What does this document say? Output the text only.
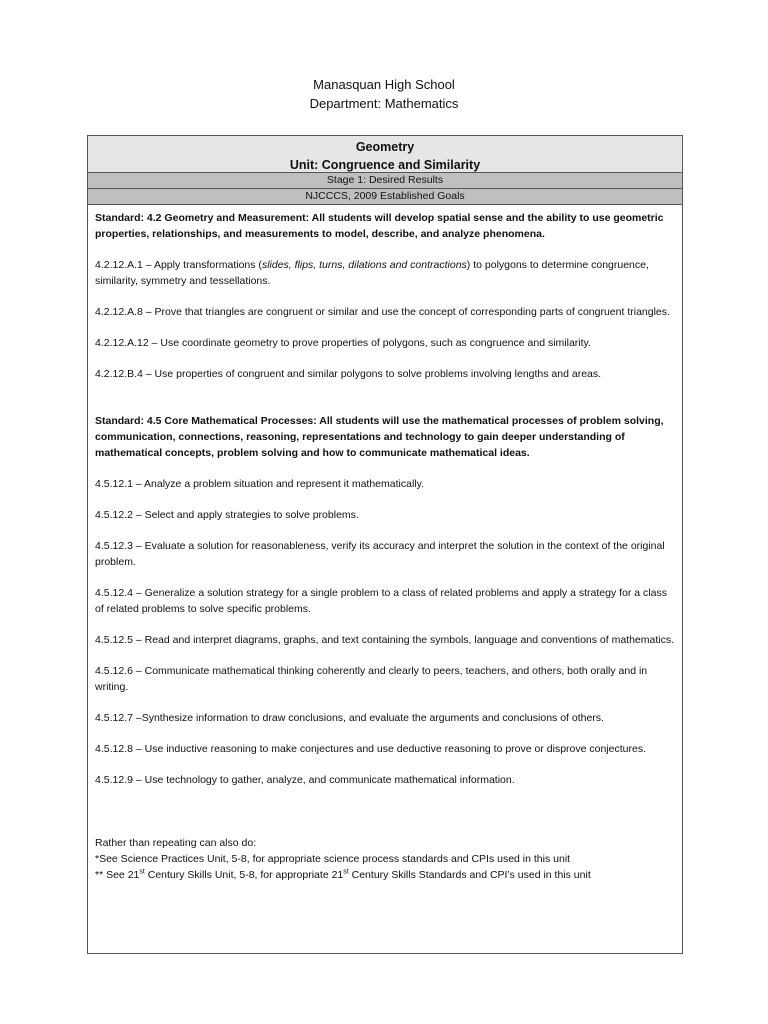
Manasquan High School
Department: Mathematics
Geometry
Unit: Congruence and Similarity
Stage 1: Desired Results
NJCCCS, 2009 Established Goals

Standard: 4.2 Geometry and Measurement: All students will develop spatial sense and the ability to use geometric properties, relationships, and measurements to model, describe, and analyze phenomena.

4.2.12.A.1 – Apply transformations (slides, flips, turns, dilations and contractions) to polygons to determine congruence, similarity, symmetry and tessellations.

4.2.12.A.8 – Prove that triangles are congruent or similar and use the concept of corresponding parts of congruent triangles.

4.2.12.A.12 – Use coordinate geometry to prove properties of polygons, such as congruence and similarity.

4.2.12.B.4 – Use properties of congruent and similar polygons to solve problems involving lengths and areas.

Standard: 4.5 Core Mathematical Processes: All students will use the mathematical processes of problem solving, communication, connections, reasoning, representations and technology to gain deeper understanding of mathematical concepts, problem solving and how to communicate mathematical ideas.

4.5.12.1 – Analyze a problem situation and represent it mathematically.

4.5.12.2 – Select and apply strategies to solve problems.

4.5.12.3 – Evaluate a solution for reasonableness, verify its accuracy and interpret the solution in the context of the original problem.

4.5.12.4 – Generalize a solution strategy for a single problem to a class of related problems and apply a strategy for a class of related problems to solve specific problems.

4.5.12.5 – Read and interpret diagrams, graphs, and text containing the symbols, language and conventions of mathematics.

4.5.12.6 – Communicate mathematical thinking coherently and clearly to peers, teachers, and others, both orally and in writing.

4.5.12.7 –Synthesize information to draw conclusions, and evaluate the arguments and conclusions of others.

4.5.12.8 – Use inductive reasoning to make conjectures and use deductive reasoning to prove or disprove conjectures.

4.5.12.9 – Use technology to gather, analyze, and communicate mathematical information.

Rather than repeating can also do:

*See Science Practices Unit, 5-8, for appropriate science process standards and CPIs used in this unit

** See 21st Century Skills Unit, 5-8, for appropriate 21st Century Skills Standards and CPI’s used in this unit
